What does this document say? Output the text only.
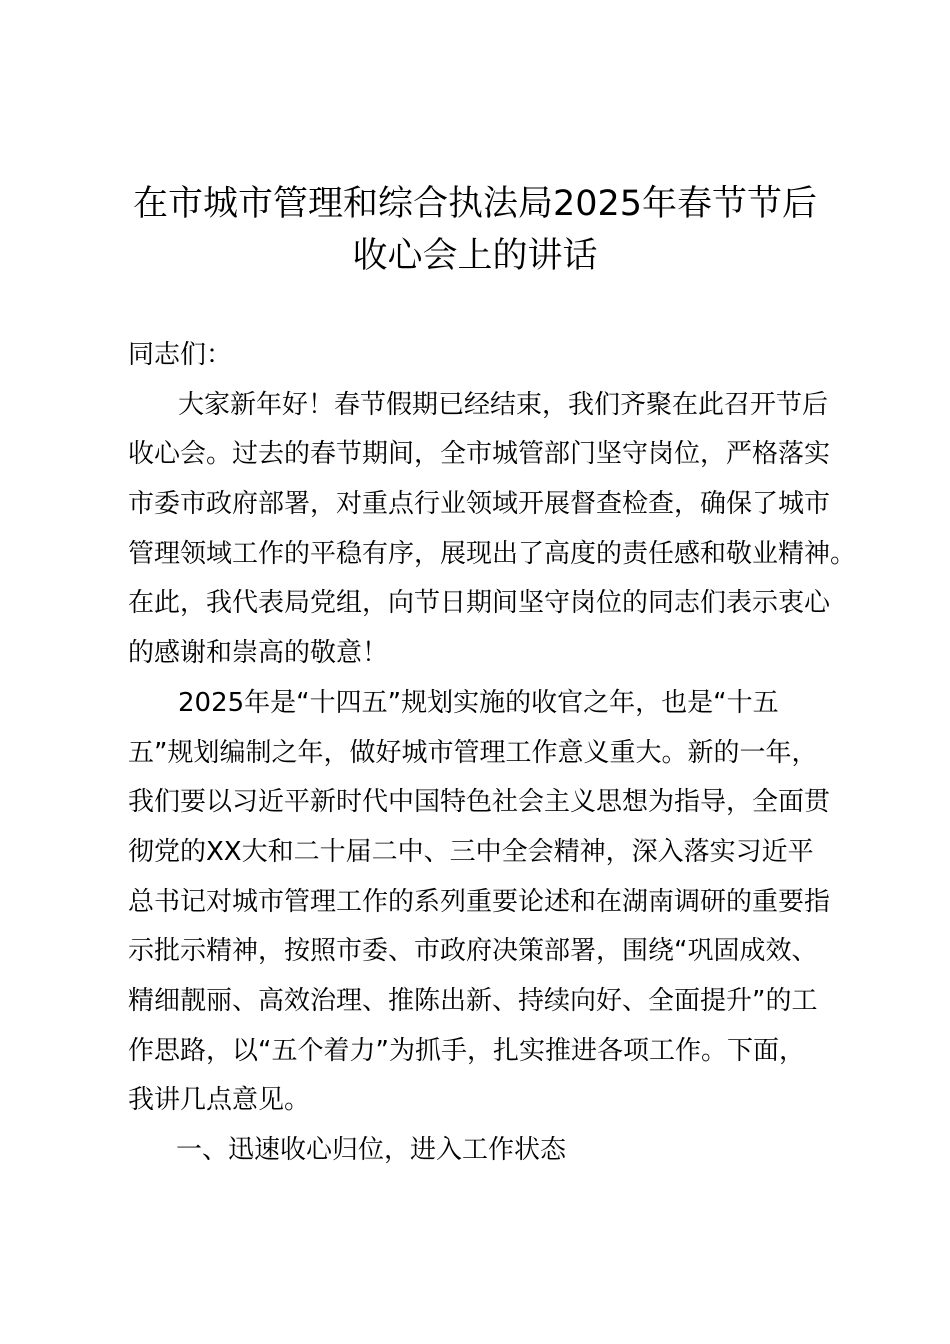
在市城市管理和综合执法局2025年春节节后
收心会上的讲话
同志们：
大家新年好！春节假期已经结束，我们齐聚在此召开节后
收心会。过去的春节期间，全市城管部门坚守岗位，严格落实
市委市政府部署，对重点行业领域开展督查检查，确保了城市
管理领域工作的平稳有序，展现出了高度的责任感和敬业精神。
在此，我代表局党组，向节日期间坚守岗位的同志们表示衷心
的感谢和崇高的敬意！
2025年是“十四五”规划实施的收官之年，也是“十五
五”规划编制之年，做好城市管理工作意义重大。新的一年，
我们要以习近平新时代中国特色社会主义思想为指导，全面贯
彻党的XX大和二十届二中、三中全会精神，深入落实习近平
总书记对城市管理工作的系列重要论述和在湖南调研的重要指
示批示精神，按照市委、市政府决策部署，围绕“巩固成效、
精细靓丽、高效治理、推陈出新、持续向好、全面提升”的工
作思路，以“五个着力”为抓手，扎实推进各项工作。下面，
我讲几点意见。
一、迅速收心归位，进入工作状态
